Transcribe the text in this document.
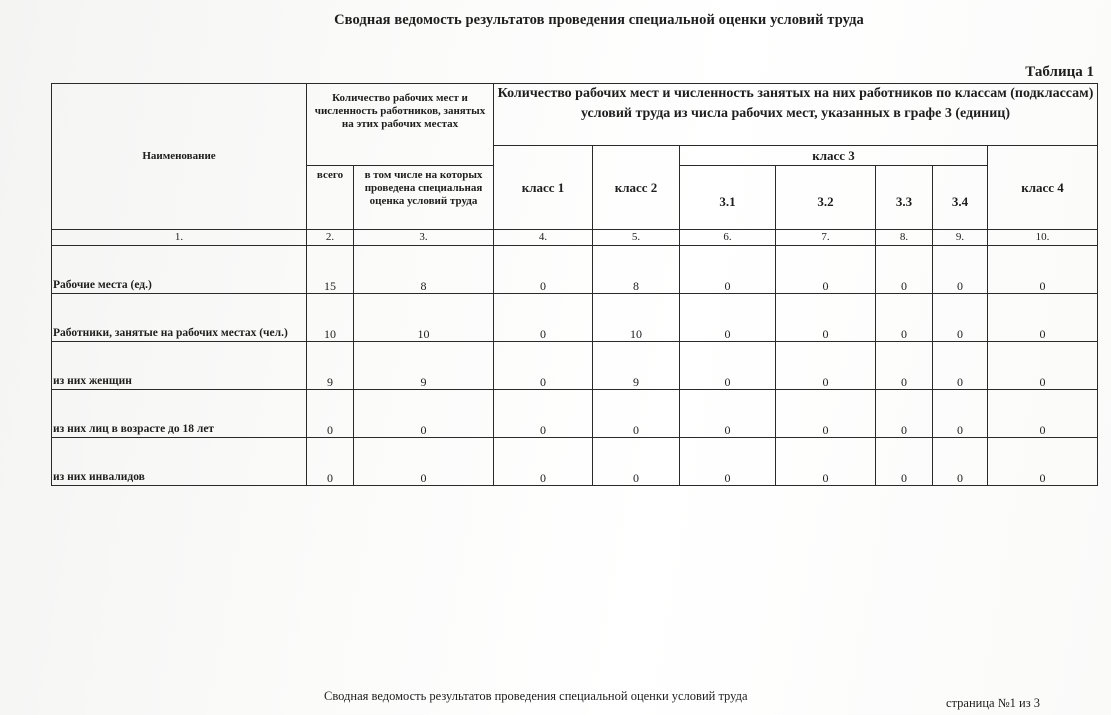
Сводная ведомость результатов проведения специальной оценки условий труда
Таблица 1
Наименование	Количество рабочих мест и численность работников, занятых на этих рабочих местах		Количество рабочих мест и численность занятых на них работников по классам (подклассам) условий труда из числа рабочих мест, указанных в графе 3 (единиц)						
			класс 1	класс 2	класс 3				класс 4
	всего	в том числе на которых проведена специальная оценка условий труда			3.1	3.2	3.3	3.4	
1.	2.	3.	4.	5.	6.	7.	8.	9.	10.
Рабочие места (ед.)	15	8	0	8	0	0	0	0	0
Работники, занятые на рабочих местах (чел.)	10	10	0	10	0	0	0	0	0
из них женщин	9	9	0	9	0	0	0	0	0
из них лиц в возрасте до 18 лет	0	0	0	0	0	0	0	0	0
из них инвалидов	0	0	0	0	0	0	0	0	0
Сводная ведомость результатов проведения специальной оценки условий труда	страница №1 из 3
